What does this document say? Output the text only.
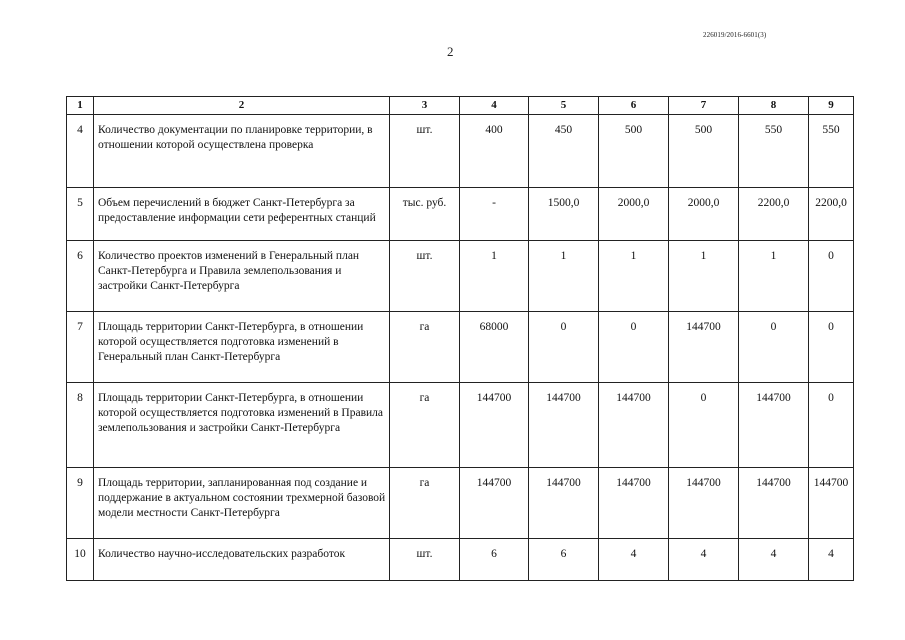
226019/2016-6601(3)
2
1	2	3	4	5	6	7	8	9
4	Количество документации по планировке территории, в отношении которой осуществлена проверка	шт.	400	450	500	500	550	550
5	Объем перечислений в бюджет Санкт-Петербурга за предоставление информации сети референтных станций	тыс. руб.	-	1500,0	2000,0	2000,0	2200,0	2200,0
6	Количество проектов изменений в Генеральный план Санкт-Петербурга и Правила землепользования и застройки Санкт-Петербурга	шт.	1	1	1	1	1	0
7	Площадь территории Санкт-Петербурга, в отношении которой осуществляется подготовка изменений в Генеральный план Санкт-Петербурга	га	68000	0	0	144700	0	0
8	Площадь территории Санкт-Петербурга, в отношении которой осуществляется подготовка изменений в Правила землепользования и застройки Санкт-Петербурга	га	144700	144700	144700	0	144700	0
9	Площадь территории, запланированная под создание и поддержание в актуальном состоянии трехмерной базовой модели местности Санкт-Петербурга	га	144700	144700	144700	144700	144700	144700
10	Количество научно-исследовательских разработок	шт.	6	6	4	4	4	4
